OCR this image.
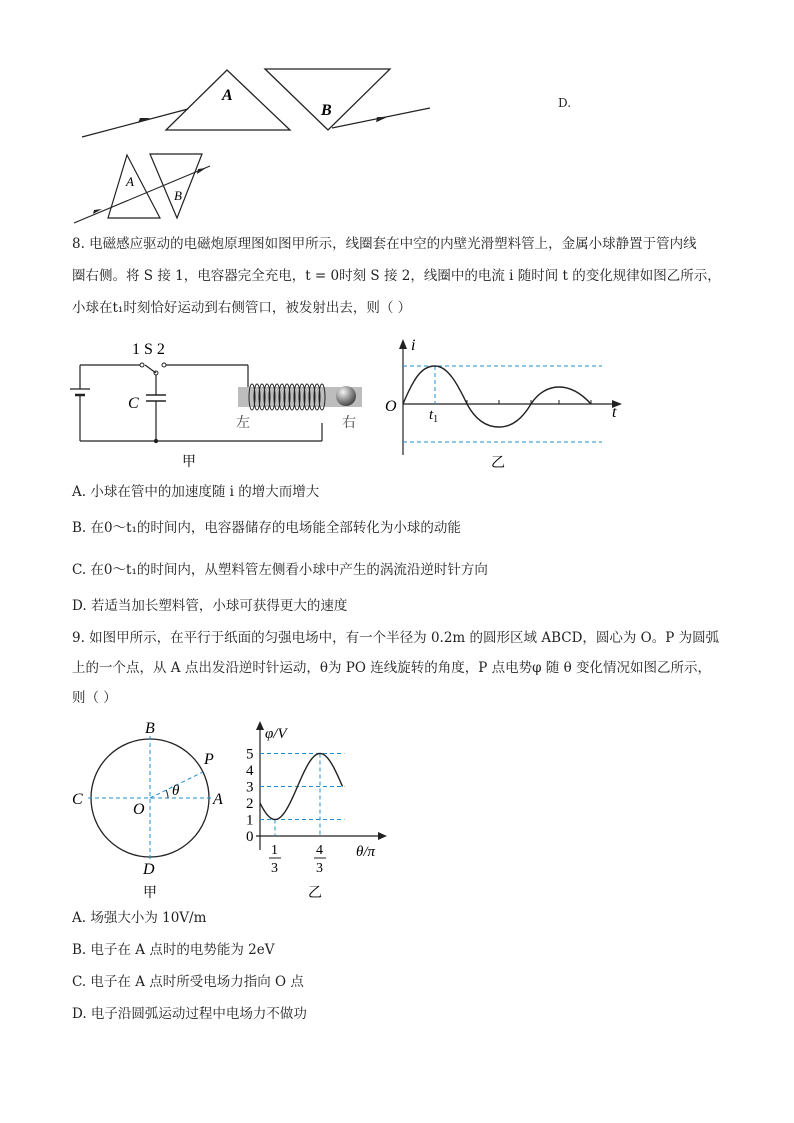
A
B	D.
A
B
8. 电磁感应驱动的电磁炮原理图如图甲所示，线圈套在中空的内壁光滑塑料管上，金属小球静置于管内线
圈右侧。将 S 接 1，电容器完全充电，t = 0时刻 S 接 2，线圈中的电流 i 随时间 t 的变化规律如图乙所示，
小球在t₁时刻恰好运动到右侧管口，被发射出去，则（ ）
1 S 2
C
左	右
甲
i
t
O $t_1$
乙
A. 小球在管中的加速度随 i 的增大而增大
B. 在0～t₁的时间内，电容器储存的电场能全部转化为小球的动能
C. 在0～t₁的时间内，从塑料管左侧看小球中产生的涡流沿逆时针方向
D. 若适当加长塑料管，小球可获得更大的速度
9. 如图甲所示，在平行于纸面的匀强电场中，有一个半径为 0.2m 的圆形区域 ABCD，圆心为 O。P 为圆弧
上的一个点，从 A 点出发沿逆时针运动，θ为 PO 连线旋转的角度，P 点电势φ 随 θ 变化情况如图乙所示，
则（ ）
B
P
C
O
θ A
D
甲
0
1
2
3
4
5
1
3
4
3
φ/V
θ/π
乙
A. 场强大小为 10V/m
B. 电子在 A 点时的电势能为 2eV
C. 电子在 A 点时所受电场力指向 O 点
D. 电子沿圆弧运动过程中电场力不做功
